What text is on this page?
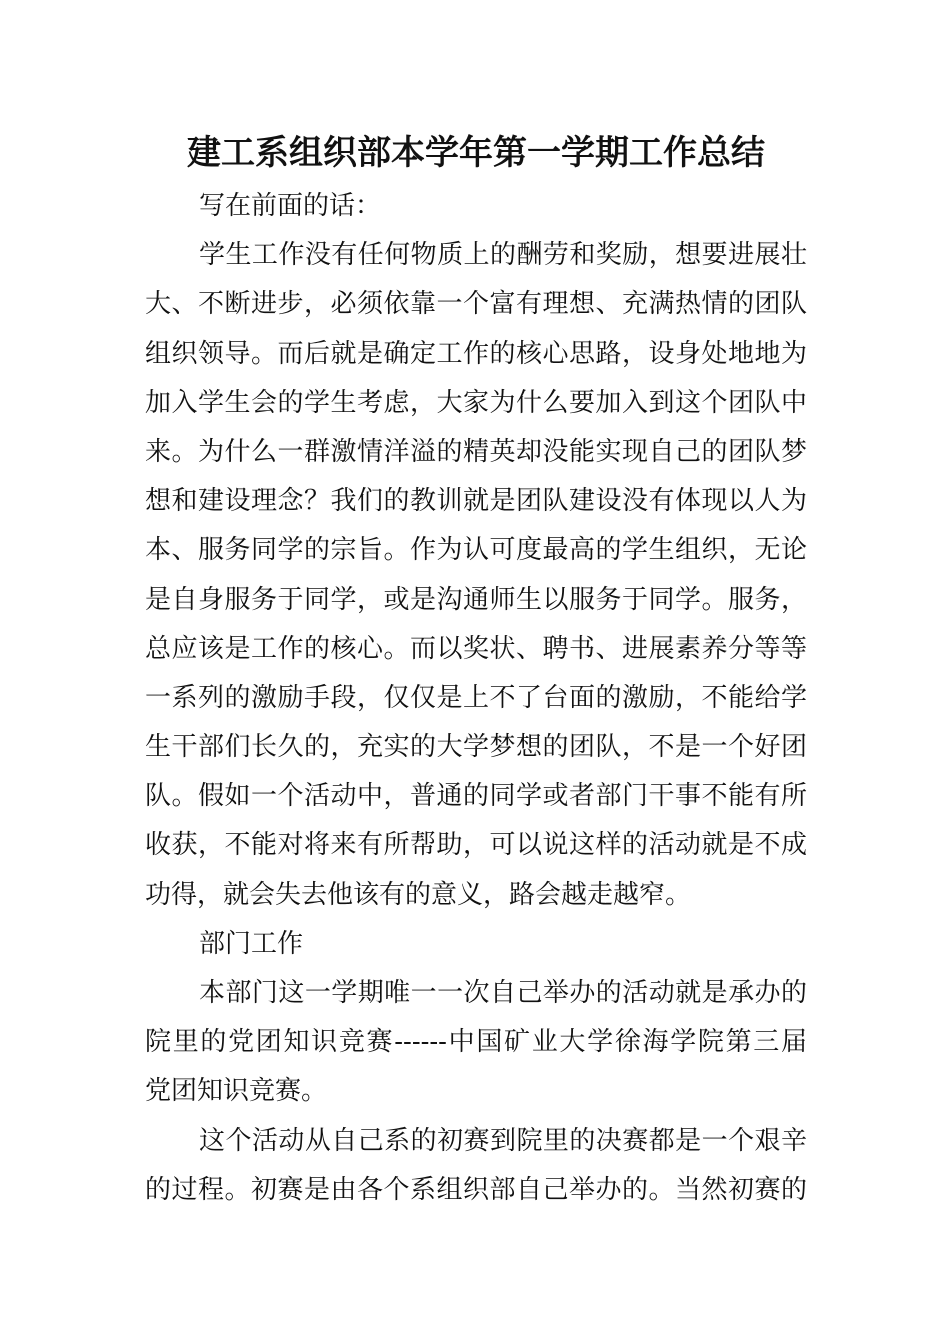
建工系组织部本学年第一学期工作总结
写在前面的话：
学生工作没有任何物质上的酬劳和奖励，想要进展壮
大、不断进步，必须依靠一个富有理想、充满热情的团队
组织领导。而后就是确定工作的核心思路，设身处地地为
加入学生会的学生考虑，大家为什么要加入到这个团队中
来。为什么一群激情洋溢的精英却没能实现自己的团队梦
想和建设理念？我们的教训就是团队建设没有体现以人为
本、服务同学的宗旨。作为认可度最高的学生组织，无论
是自身服务于同学，或是沟通师生以服务于同学。服务，
总应该是工作的核心。而以奖状、聘书、进展素养分等等
一系列的激励手段，仅仅是上不了台面的激励，不能给学
生干部们长久的，充实的大学梦想的团队，不是一个好团
队。假如一个活动中，普通的同学或者部门干事不能有所
收获，不能对将来有所帮助，可以说这样的活动就是不成
功得，就会失去他该有的意义，路会越走越窄。
部门工作
本部门这一学期唯一一次自己举办的活动就是承办的
院里的党团知识竞赛------中国矿业大学徐海学院第三届
党团知识竞赛。
这个活动从自己系的初赛到院里的决赛都是一个艰辛
的过程。初赛是由各个系组织部自己举办的。当然初赛的
